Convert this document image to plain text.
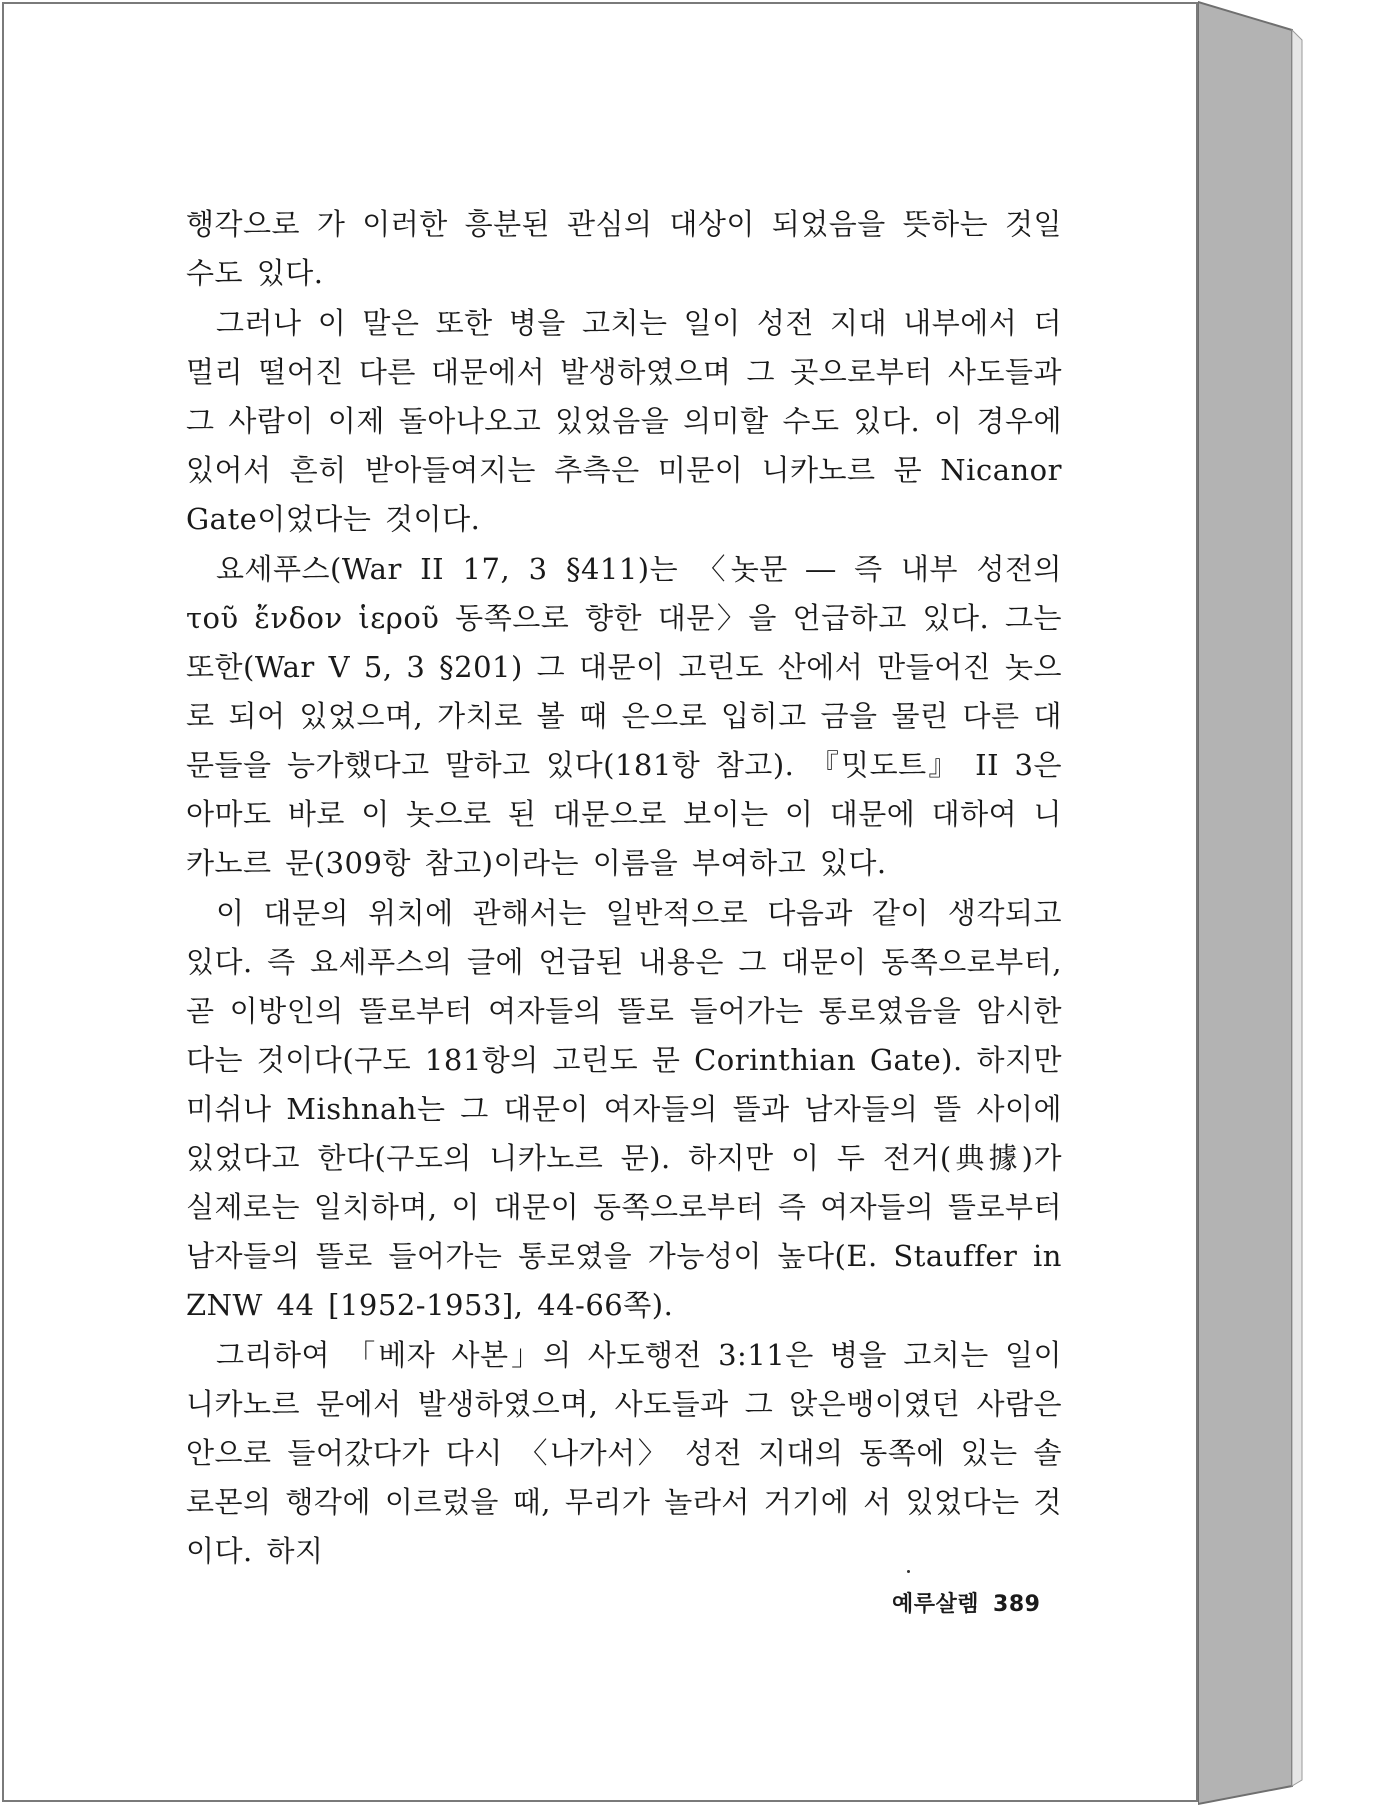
행각으로 가 이러한 흥분된 관심의 대상이 되었음을 뜻하는 것일 수도 있다.

그러나 이 말은 또한 병을 고치는 일이 성전 지대 내부에서 더 멀리 떨어진 다른 대문에서 발생하였으며 그 곳으로부터 사도들과 그 사람이 이제 돌아나오고 있었음을 의미할 수도 있다. 이 경우에 있어서 흔히 받아들여지는 추측은 미문이 니카노르 문 Nicanor Gate이었다는 것이다.

요세푸스(War II 17, 3 §411)는 〈놋문 ― 즉 내부 성전의 τοῦ ἔνδον ἱεροῦ 동쪽으로 향한 대문〉을 언급하고 있다. 그는 또한(War V 5, 3 §201) 그 대문이 고린도 산에서 만들어진 놋으로 되어 있었으며, 가치로 볼 때 은으로 입히고 금을 물린 다른 대문들을 능가했다고 말하고 있다(181항 참고). 『밋도트』 II 3은 아마도 바로 이 놋으로 된 대문으로 보이는 이 대문에 대하여 니카노르 문(309항 참고)이라는 이름을 부여하고 있다.

이 대문의 위치에 관해서는 일반적으로 다음과 같이 생각되고 있다. 즉 요세푸스의 글에 언급된 내용은 그 대문이 동쪽으로부터, 곧 이방인의 뜰로부터 여자들의 뜰로 들어가는 통로였음을 암시한다는 것이다(구도 181항의 고린도 문 Corinthian Gate). 하지만 미쉬나 Mishnah는 그 대문이 여자들의 뜰과 남자들의 뜰 사이에 있었다고 한다(구도의 니카노르 문). 하지만 이 두 전거(典據)가 실제로는 일치하며, 이 대문이 동쪽으로부터 즉 여자들의 뜰로부터 남자들의 뜰로 들어가는 통로였을 가능성이 높다(E. Stauffer in ZNW 44 [1952-1953], 44-66쪽).

그리하여 「베자 사본」의 사도행전 3:11은 병을 고치는 일이 니카노르 문에서 발생하였으며, 사도들과 그 앉은뱅이였던 사람은 안으로 들어갔다가 다시 〈나가서〉 성전 지대의 동쪽에 있는 솔로몬의 행각에 이르렀을 때, 무리가 놀라서 거기에 서 있었다는 것이다. 하지

예루살렘 389
